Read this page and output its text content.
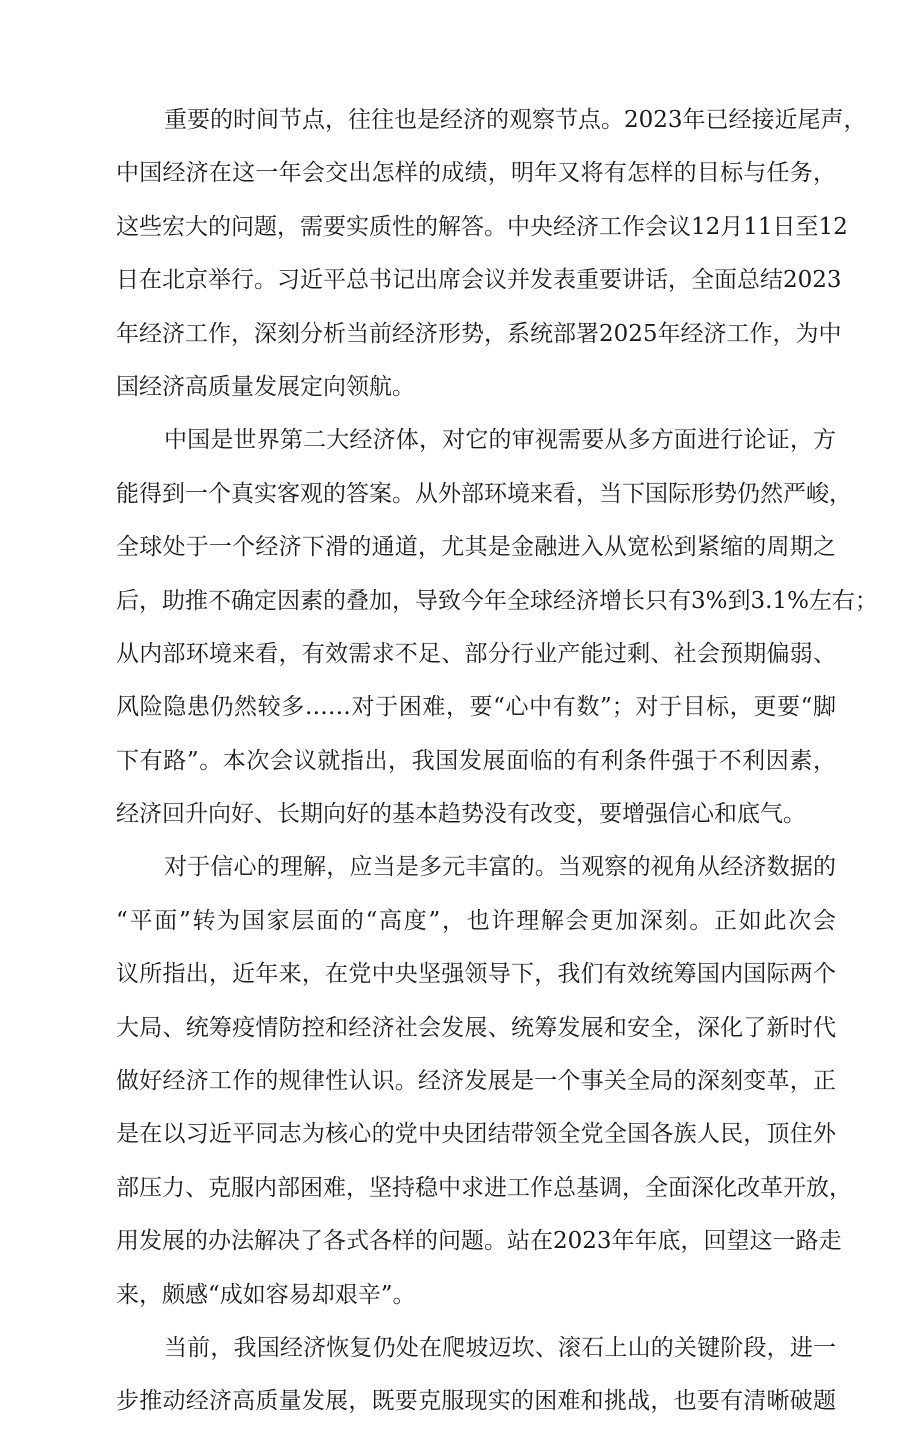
重要的时间节点，往往也是经济的观察节点。2023年已经接近尾声，
中国经济在这一年会交出怎样的成绩，明年又将有怎样的目标与任务，
这些宏大的问题，需要实质性的解答。中央经济工作会议12月11日至12
日在北京举行。习近平总书记出席会议并发表重要讲话，全面总结2023
年经济工作，深刻分析当前经济形势，系统部署2025年经济工作，为中
国经济高质量发展定向领航。
中国是世界第二大经济体，对它的审视需要从多方面进行论证，方
能得到一个真实客观的答案。从外部环境来看，当下国际形势仍然严峻，
全球处于一个经济下滑的通道，尤其是金融进入从宽松到紧缩的周期之
后，助推不确定因素的叠加，导致今年全球经济增长只有3%到3.1%左右；
从内部环境来看，有效需求不足、部分行业产能过剩、社会预期偏弱、
风险隐患仍然较多……对于困难，要“心中有数”；对于目标，更要“脚
下有路”。本次会议就指出，我国发展面临的有利条件强于不利因素，
经济回升向好、长期向好的基本趋势没有改变，要增强信心和底气。
对于信心的理解，应当是多元丰富的。当观察的视角从经济数据的
“平面”转为国家层面的“高度”，也许理解会更加深刻。正如此次会
议所指出，近年来，在党中央坚强领导下，我们有效统筹国内国际两个
大局、统筹疫情防控和经济社会发展、统筹发展和安全，深化了新时代
做好经济工作的规律性认识。经济发展是一个事关全局的深刻变革，正
是在以习近平同志为核心的党中央团结带领全党全国各族人民，顶住外
部压力、克服内部困难，坚持稳中求进工作总基调，全面深化改革开放，
用发展的办法解决了各式各样的问题。站在2023年年底，回望这一路走
来，颇感“成如容易却艰辛”。
当前，我国经济恢复仍处在爬坡迈坎、滚石上山的关键阶段，进一
步推动经济高质量发展，既要克服现实的困难和挑战，也要有清晰破题
